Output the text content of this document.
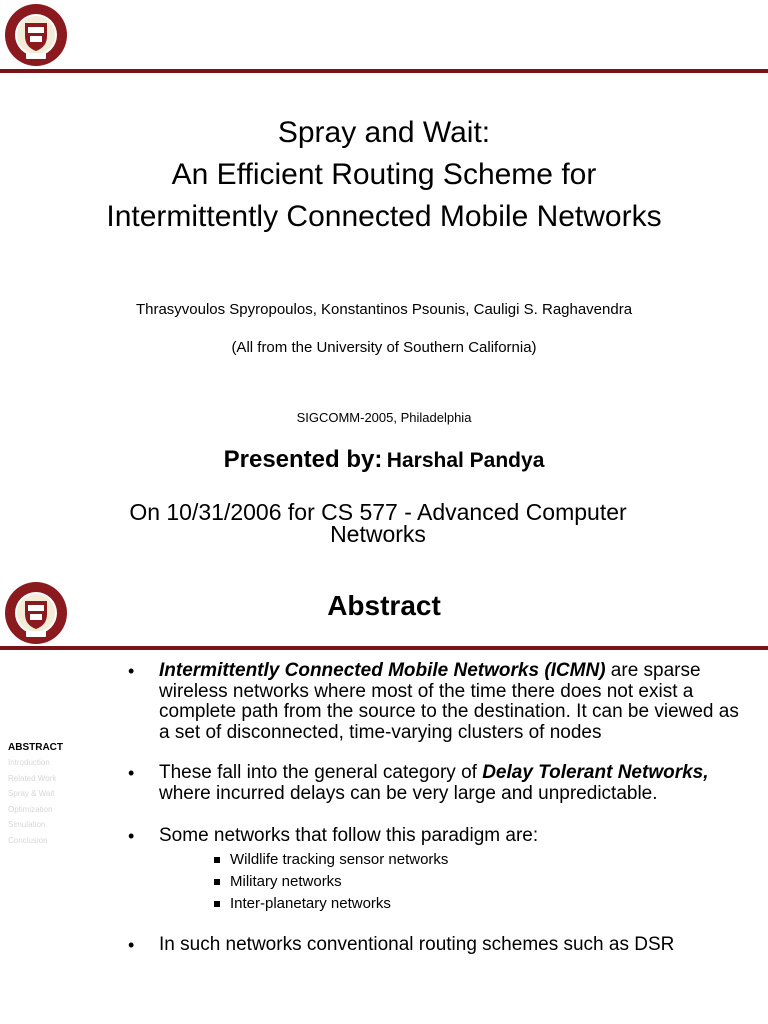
Spray and Wait:
An Efficient Routing Scheme for
Intermittently Connected Mobile Networks
Thrasyvoulos Spyropoulos, Konstantinos Psounis, Cauligi S. Raghavendra
(All from the University of Southern California)
SIGCOMM-2005, Philadelphia
Presented by: Harshal Pandya
On 10/31/2006 for CS 577 - Advanced Computer Networks
Abstract
ABSTRACT
Introduction
Related Work
Spray & Wait
Optimization
Simulation
Conclusion
• Intermittently Connected Mobile Networks (ICMN) are sparse wireless networks where most of the time there does not exist a complete path from the source to the destination. It can be viewed as a set of disconnected, time-varying clusters of nodes
• These fall into the general category of Delay Tolerant Networks, where incurred delays can be very large and unpredictable.
• Some networks that follow this paradigm are:
Wildlife tracking sensor networks
Military networks
Inter-planetary networks
• In such networks conventional routing schemes such as DSR
